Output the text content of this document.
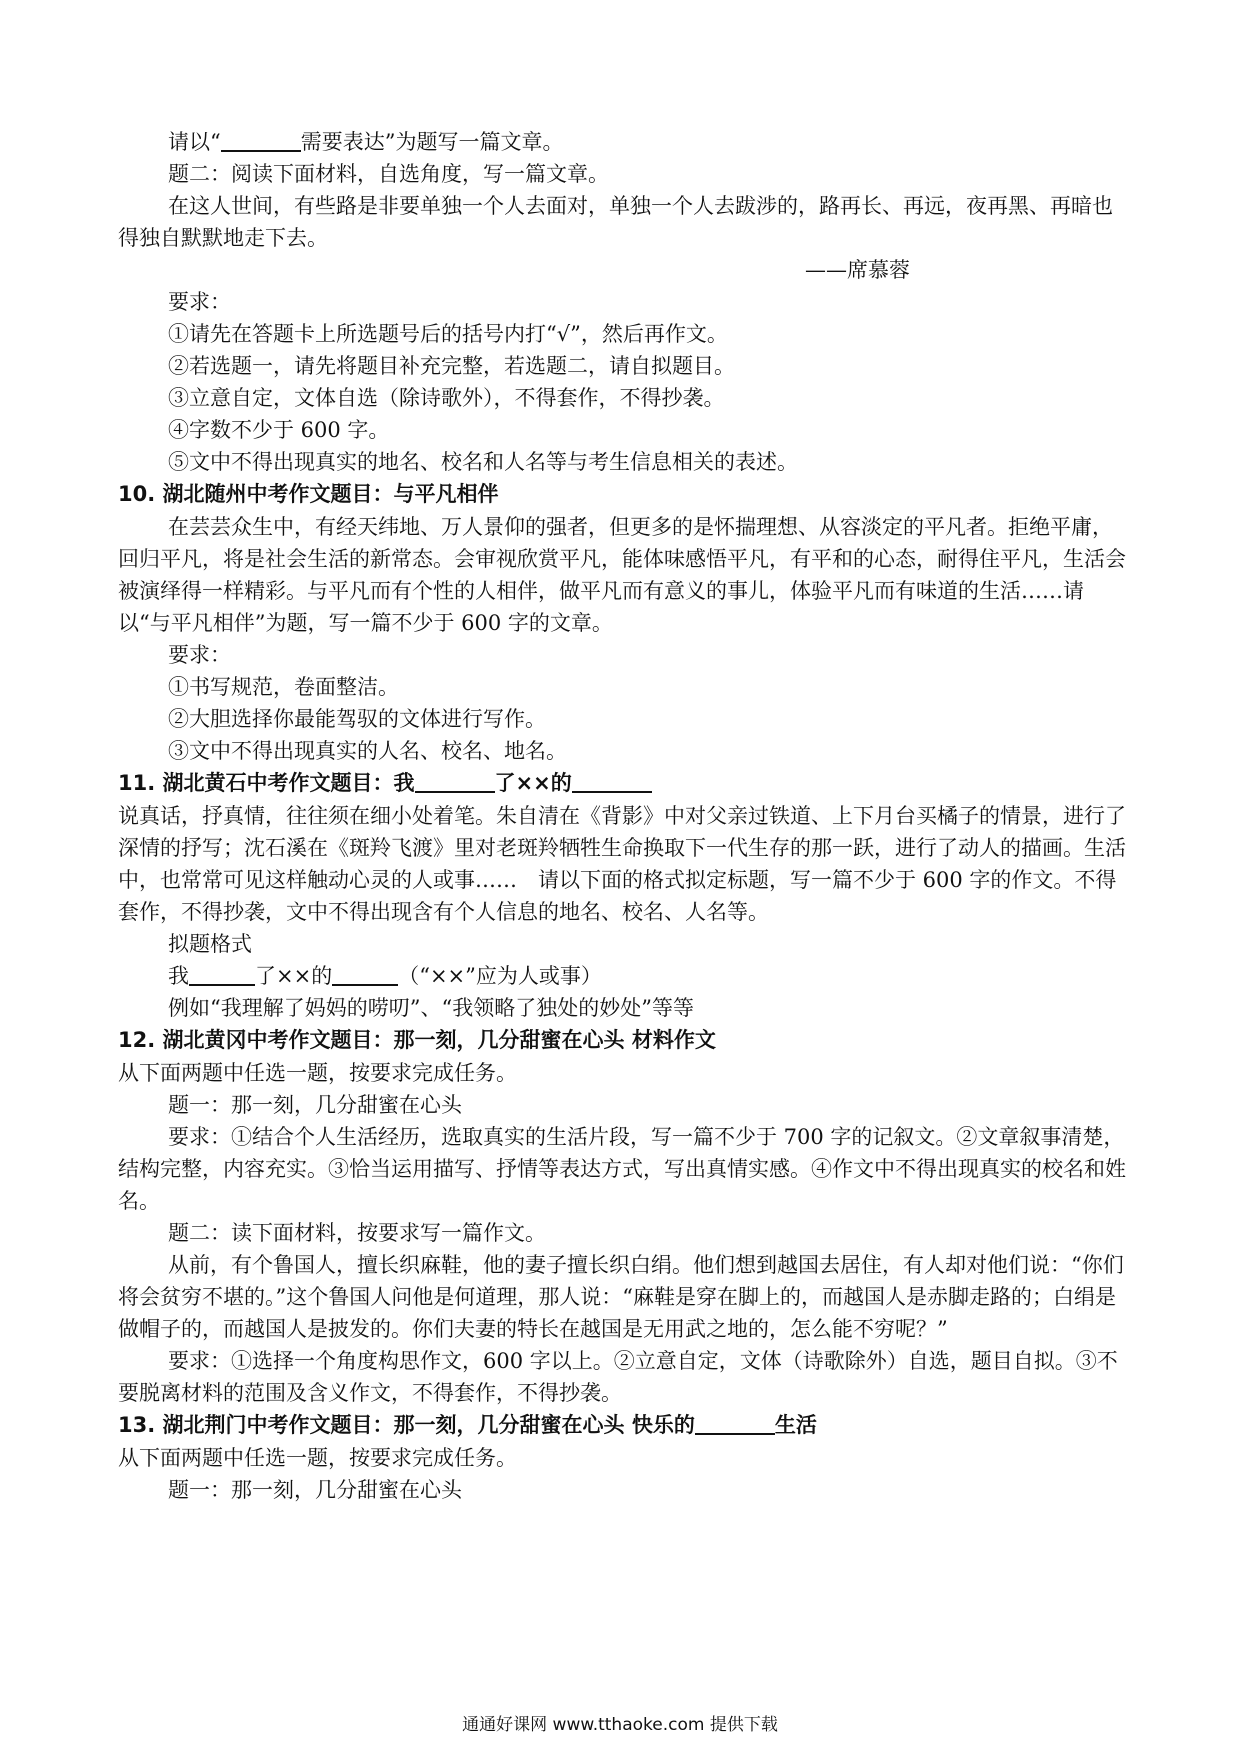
请以“	需要表达”为题写一篇文章。

题二：阅读下面材料，自选角度，写一篇文章。

在这人世间，有些路是非要单独一个人去面对，单独一个人去跋涉的，路再长、再远，夜再黑、再暗也得独自默默地走下去。

——席慕蓉

要求：

①请先在答题卡上所选题号后的括号内打“√”，然后再作文。

②若选题一，请先将题目补充完整，若选题二，请自拟题目。

③立意自定，文体自选（除诗歌外），不得套作，不得抄袭。

④字数不少于 600 字。

⑤文中不得出现真实的地名、校名和人名等与考生信息相关的表述。

10. 湖北随州中考作文题目：与平凡相伴

在芸芸众生中，有经天纬地、万人景仰的强者，但更多的是怀揣理想、从容淡定的平凡者。拒绝平庸，回归平凡，将是社会生活的新常态。会审视欣赏平凡，能体味感悟平凡，有平和的心态，耐得住平凡，生活会被演绎得一样精彩。与平凡而有个性的人相伴，做平凡而有意义的事儿，体验平凡而有味道的生活……请以“与平凡相伴”为题，写一篇不少于 600 字的文章。

要求：

①书写规范，卷面整洁。

②大胆选择你最能驾驭的文体进行写作。

③文中不得出现真实的人名、校名、地名。

11. 湖北黄石中考作文题目：我	了××的

说真话，抒真情，往往须在细小处着笔。朱自清在《背影》中对父亲过铁道、上下月台买橘子的情景，进行了深情的抒写；沈石溪在《斑羚飞渡》里对老斑羚牺牲生命换取下一代生存的那一跃，进行了动人的描画。生活中，也常常可见这样触动心灵的人或事……　请以下面的格式拟定标题，写一篇不少于 600 字的作文。不得套作，不得抄袭，文中不得出现含有个人信息的地名、校名、人名等。

拟题格式

我	了××的	（“××”应为人或事）

例如“我理解了妈妈的唠叨”、“我领略了独处的妙处”等等

12. 湖北黄冈中考作文题目：那一刻，几分甜蜜在心头 材料作文

从下面两题中任选一题，按要求完成任务。

题一：那一刻，几分甜蜜在心头

要求：①结合个人生活经历，选取真实的生活片段，写一篇不少于 700 字的记叙文。②文章叙事清楚，结构完整，内容充实。③恰当运用描写、抒情等表达方式，写出真情实感。④作文中不得出现真实的校名和姓名。

题二：读下面材料，按要求写一篇作文。

从前，有个鲁国人，擅长织麻鞋，他的妻子擅长织白绢。他们想到越国去居住，有人却对他们说：“你们将会贫穷不堪的。”这个鲁国人问他是何道理，那人说：“麻鞋是穿在脚上的，而越国人是赤脚走路的；白绢是做帽子的，而越国人是披发的。你们夫妻的特长在越国是无用武之地的，怎么能不穷呢？”

要求：①选择一个角度构思作文，600 字以上。②立意自定，文体（诗歌除外）自选，题目自拟。③不要脱离材料的范围及含义作文，不得套作，不得抄袭。

13. 湖北荆门中考作文题目：那一刻，几分甜蜜在心头 快乐的	生活

从下面两题中任选一题，按要求完成任务。

题一：那一刻，几分甜蜜在心头

通通好课网 www.tthaoke.com 提供下载
